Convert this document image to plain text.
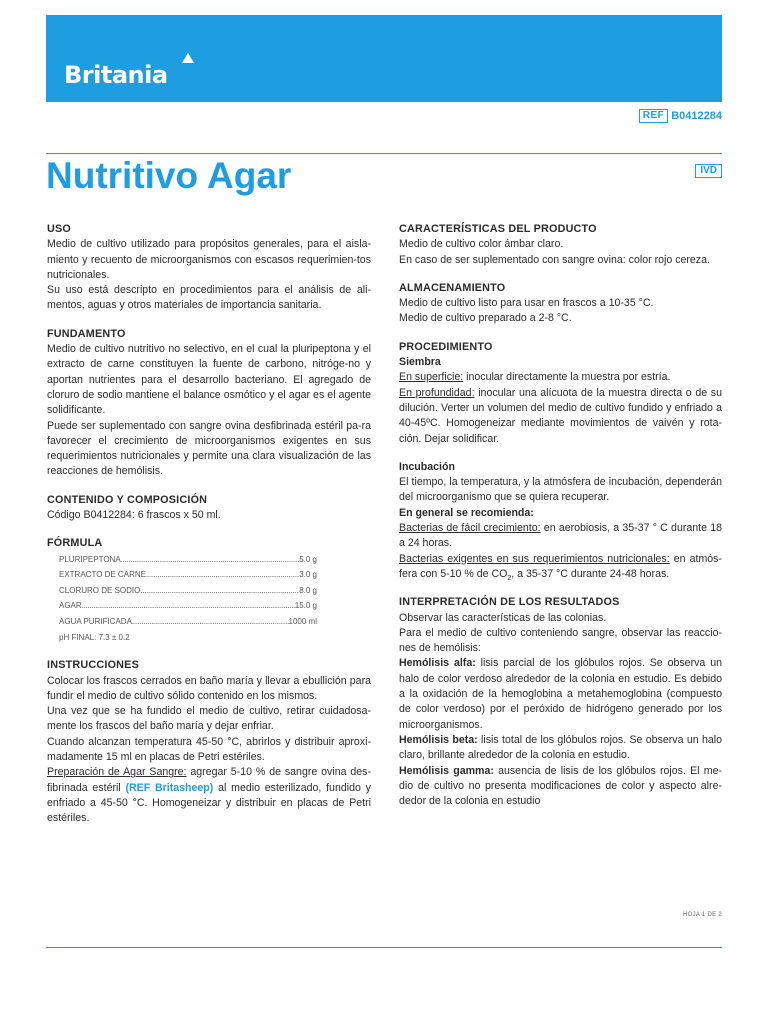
Britania
REF B0412284
Nutritivo Agar	IVD

USO

Medio de cultivo utilizado para propósitos generales, para el aisla-miento y recuento de microorganismos con escasos requerimien-tos nutricionales.

Su uso está descripto en procedimientos para el análisis de ali-mentos, aguas y otros materiales de importancia sanitaria.

FUNDAMENTO

Medio de cultivo nutritivo no selectivo, en el cual la pluripeptona y el extracto de carne constituyen la fuente de carbono, nitróge-no y aportan nutrientes para el desarrollo bacteriano. El agregado de cloruro de sodio mantiene el balance osmótico y el agar es el agente solidificante.

Puede ser suplementado con sangre ovina desfibrinada estéril pa-ra favorecer el crecimiento de microorganismos exigentes en sus requerimientos nutricionales y permite una clara visualización de las reacciones de hemólisis.

CONTENIDO Y COMPOSICIÓN

Código B0412284: 6 frascos x 50 ml.

FÓRMULA

PLURIPEPTONA .....	5.0 g
EXTRACTO DE CARNE .....	3.0 g
CLORURO DE SODIO .....	8.0 g
AGAR .....	15.0 g
AGUA PURIFICADA .....	1000 ml
pH FINAL: 7.3 ± 0.2

INSTRUCCIONES

Colocar los frascos cerrados en baño maría y llevar a ebullición para fundir el medio de cultivo sólido contenido en los mismos.

Una vez que se ha fundido el medio de cultivo, retirar cuidadosa-mente los frascos del baño maría y dejar enfriar.

Cuando alcanzan temperatura 45-50 °C, abrirlos y distribuir aproxi-madamente 15 ml en placas de Petri estériles.

Preparación de Agar Sangre: agregar 5-10 % de sangre ovina des-fibrinada estéril (REF Britasheep) al medio esterilizado, fundido y enfriado a 45-50 °C. Homogeneizar y distribuir en placas de Petri estériles.

CARACTERÍSTICAS DEL PRODUCTO

Medio de cultivo color ámbar claro.

En caso de ser suplementado con sangre ovina: color rojo cereza.

ALMACENAMIENTO

Medio de cultivo listo para usar en frascos a 10-35 °C.

Medio de cultivo preparado a 2-8 °C.

PROCEDIMIENTO

Siembra

En superficie: inocular directamente la muestra por estría.

En profundidad: inocular una alícuota de la muestra directa o de su dilución. Verter un volumen del medio de cultivo fundido y enfriado a 40-45ºC. Homogeneizar mediante movimientos de vaivén y rota-ción. Dejar solidificar.

Incubación

El tiempo, la temperatura, y la atmósfera de incubación, dependerán del microorganismo que se quiera recuperar.

En general se recomienda:

Bacterias de fácil crecimiento: en aerobiosis, a 35-37 ° C durante 18 a 24 horas.

Bacterias exigentes en sus requerimientos nutricionales: en atmós-fera con 5-10 % de $CO_2$, a 35-37 °C durante 24-48 horas.

INTERPRETACIÓN DE LOS RESULTADOS

Observar las características de las colonias.

Para el medio de cultivo conteniendo sangre, observar las reaccio-nes de hemólisis:

Hemólisis alfa: lisis parcial de los glóbulos rojos. Se observa un halo de color verdoso alrededor de la colonia en estudio. Es debido a la oxidación de la hemoglobina a metahemoglobina (compuesto de color verdoso) por el peróxido de hidrógeno generado por los microorganismos.

Hemólisis beta: lisis total de los glóbulos rojos. Se observa un halo claro, brillante alrededor de la colonia en estudio.

Hemólisis gamma: ausencia de lisis de los glóbulos rojos. El me-dio de cultivo no presenta modificaciones de color y aspecto alre-dedor de la colonia en estudio

HOJA 1 DE 2
